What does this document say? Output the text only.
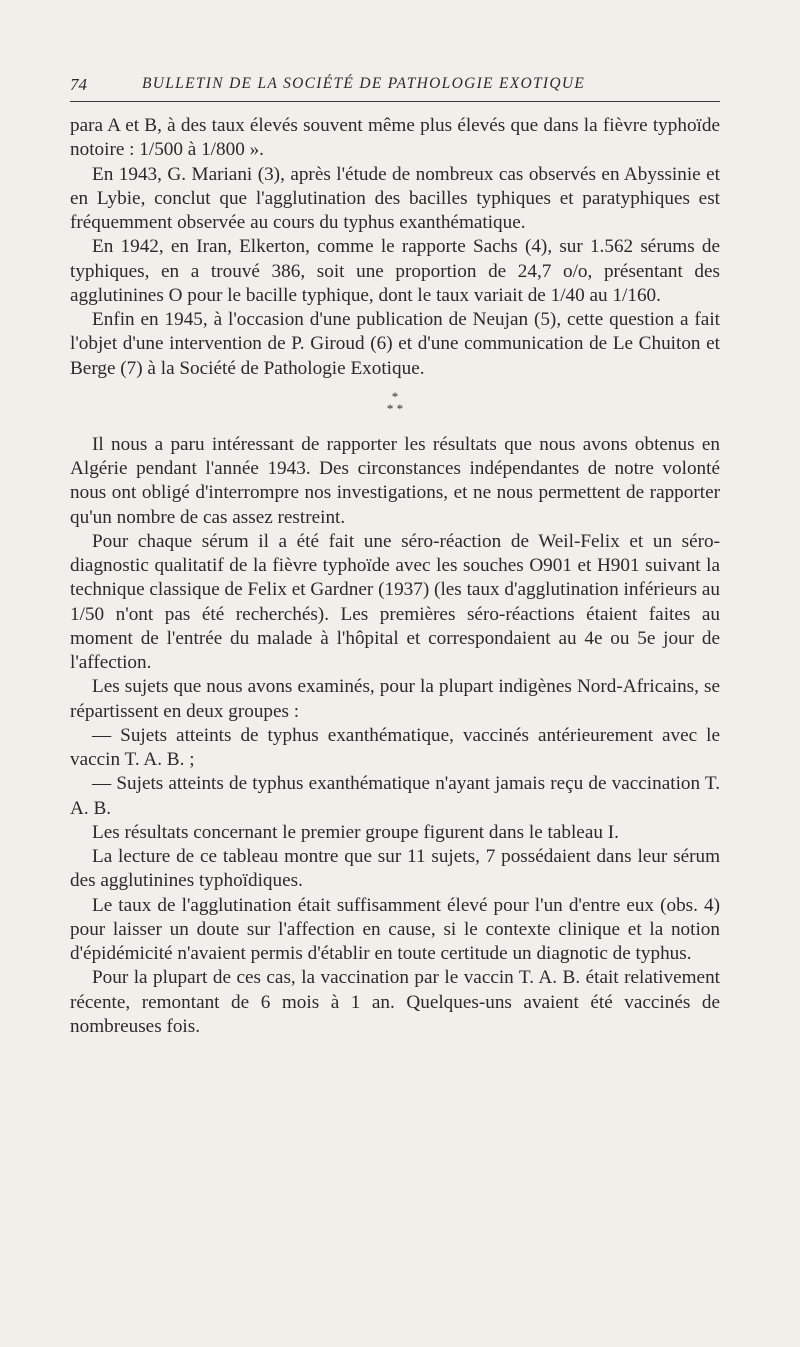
74	BULLETIN DE LA SOCIÉTÉ DE PATHOLOGIE EXOTIQUE

para A et B, à des taux élevés souvent même plus élevés que dans la fièvre typhoïde notoire : 1/500 à 1/800 ».

En 1943, G. Mariani (3), après l'étude de nombreux cas observés en Abyssinie et en Lybie, conclut que l'agglutination des bacilles typhiques et paratyphiques est fréquemment observée au cours du typhus exanthématique.

En 1942, en Iran, Elkerton, comme le rapporte Sachs (4), sur 1.562 sérums de typhiques, en a trouvé 386, soit une proportion de 24,7 o/o, présentant des agglutinines O pour le bacille typhique, dont le taux variait de 1/40 au 1/160.

Enfin en 1945, à l'occasion d'une publication de Neujan (5), cette question a fait l'objet d'une intervention de P. Giroud (6) et d'une communication de Le Chuiton et Berge (7) à la Société de Pathologie Exotique.

*
* *

Il nous a paru intéressant de rapporter les résultats que nous avons obtenus en Algérie pendant l'année 1943. Des circonstances indépendantes de notre volonté nous ont obligé d'interrompre nos investigations, et ne nous permettent de rapporter qu'un nombre de cas assez restreint.

Pour chaque sérum il a été fait une séro-réaction de Weil-Felix et un séro-diagnostic qualitatif de la fièvre typhoïde avec les souches O901 et H901 suivant la technique classique de Felix et Gardner (1937) (les taux d'agglutination inférieurs au 1/50 n'ont pas été recherchés). Les premières séro-réactions étaient faites au moment de l'entrée du malade à l'hôpital et correspondaient au 4e ou 5e jour de l'affection.

Les sujets que nous avons examinés, pour la plupart indigènes Nord-Africains, se répartissent en deux groupes :

— Sujets atteints de typhus exanthématique, vaccinés antérieurement avec le vaccin T. A. B. ;

— Sujets atteints de typhus exanthématique n'ayant jamais reçu de vaccination T. A. B.

Les résultats concernant le premier groupe figurent dans le tableau I.

La lecture de ce tableau montre que sur 11 sujets, 7 possédaient dans leur sérum des agglutinines typhoïdiques.

Le taux de l'agglutination était suffisamment élevé pour l'un d'entre eux (obs. 4) pour laisser un doute sur l'affection en cause, si le contexte clinique et la notion d'épidémicité n'avaient permis d'établir en toute certitude un diagnotic de typhus.

Pour la plupart de ces cas, la vaccination par le vaccin T. A. B. était relativement récente, remontant de 6 mois à 1 an. Quelques-uns avaient été vaccinés de nombreuses fois.
